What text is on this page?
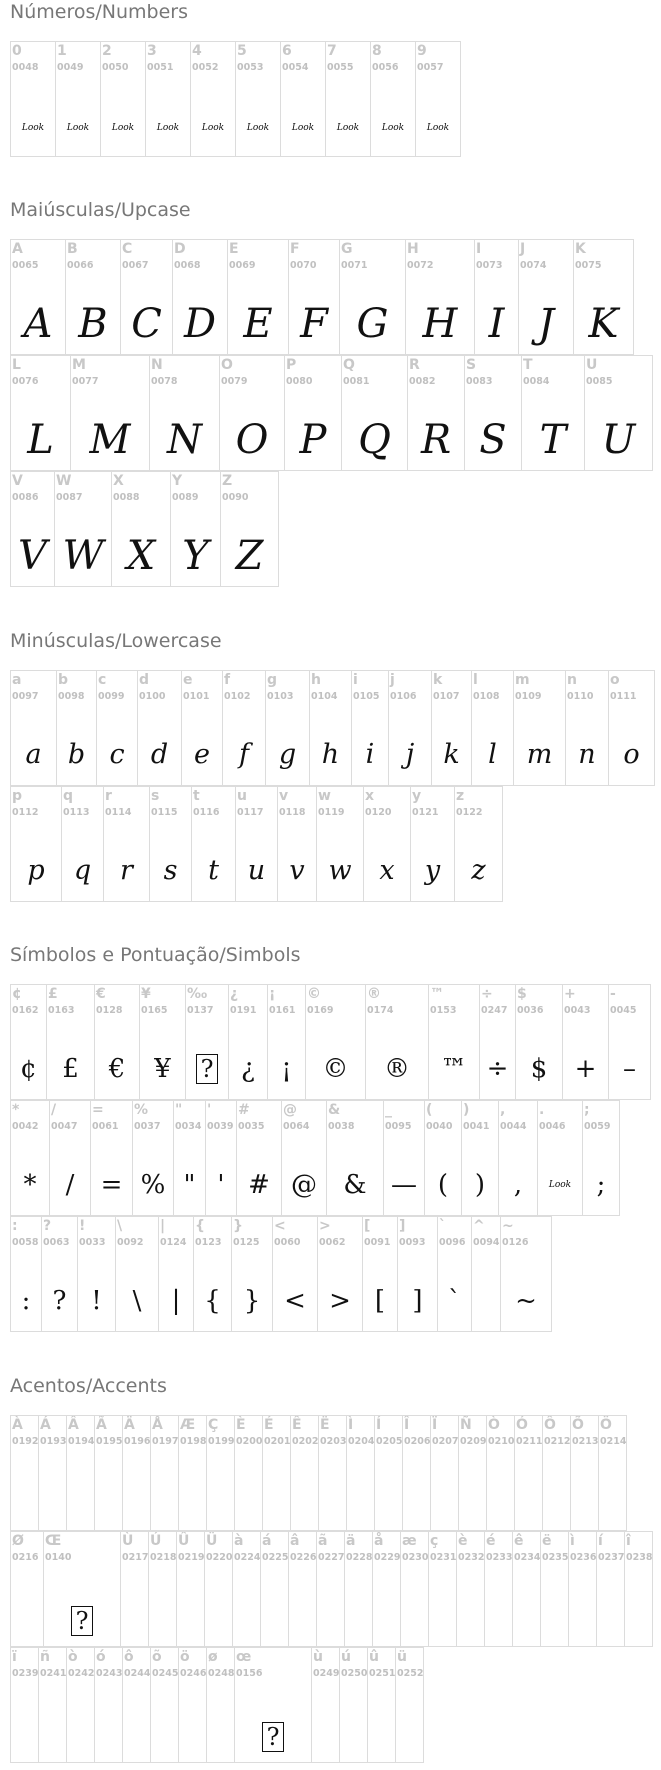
Números/Numbers
0
0048
Look
1
0049
Look
2
0050
Look
3
0051
Look
4
0052
Look
5
0053
Look
6
0054
Look
7
0055
Look
8
0056
Look
9
0057
Look
Maiúsculas/Upcase
A
0065
A
B
0066
B
C
0067
C
D
0068
D
E
0069
E
F
0070
F
G
0071
G
H
0072
H
I
0073
I
J
0074
J
K
0075
K
L
0076
L
M
0077
M
N
0078
N
O
0079
O
P
0080
P
Q
0081
Q
R
0082
R
S
0083
S
T
0084
T
U
0085
U
V
0086
V
W
0087
W
X
0088
X
Y
0089
Y
Z
0090
Z
Minúsculas/Lowercase
a
0097
a
b
0098
b
c
0099
c
d
0100
d
e
0101
e
f
0102
f
g
0103
g
h
0104
h
i
0105
i
j
0106
j
k
0107
k
l
0108
l
m
0109
m
n
0110
n
o
0111
o
p
0112
p
q
0113
q
r
0114
r
s
0115
s
t
0116
t
u
0117
u
v
0118
v
w
0119
w
x
0120
x
y
0121
y
z
0122
z
Símbolos e Pontuação/Simbols
¢
0162
¢
£
0163
£
€
0128
€
¥
0165
¥
‰
0137
?
¿
0191
¿
¡
0161
¡
©
0169
©
®
0174
®
™
0153
™
÷
0247
÷
$
0036
$
+
0043
+
-
0045
–
*
0042
*
/
0047
/
=
0061
=
%
0037
%
"
0034
"
'
0039
'
#
0035
#
@
0064
@
&
0038
&
_
0095
—
(
0040
(
)
0041
)
,
0044
,
.
0046
Look
;
0059
;
:
0058
:
?
0063
?
!
0033
!
\
0092
\
|
0124
|
{
0123
{
}
0125
}
<
0060
<
>
0062
>
[
0091
[
]
0093
]
`
0096
`
^
0094
~
0126
~
Acentos/Accents
À
0192
Á
0193
Â
0194
Ã
0195
Ä
0196
Å
0197
Æ
0198
Ç
0199
È
0200
É
0201
Ê
0202
Ë
0203
Ì
0204
Í
0205
Î
0206
Ï
0207
Ñ
0209
Ò
0210
Ó
0211
Ô
0212
Õ
0213
Ö
0214
Ø
0216
Œ
0140
?
Ù
0217
Ú
0218
Û
0219
Ü
0220
à
0224
á
0225
â
0226
ã
0227
ä
0228
å
0229
æ
0230
ç
0231
è
0232
é
0233
ê
0234
ë
0235
ì
0236
í
0237
î
0238
ï
0239
ñ
0241
ò
0242
ó
0243
ô
0244
õ
0245
ö
0246
ø
0248
œ
0156
?
ù
0249
ú
0250
û
0251
ü
0252
